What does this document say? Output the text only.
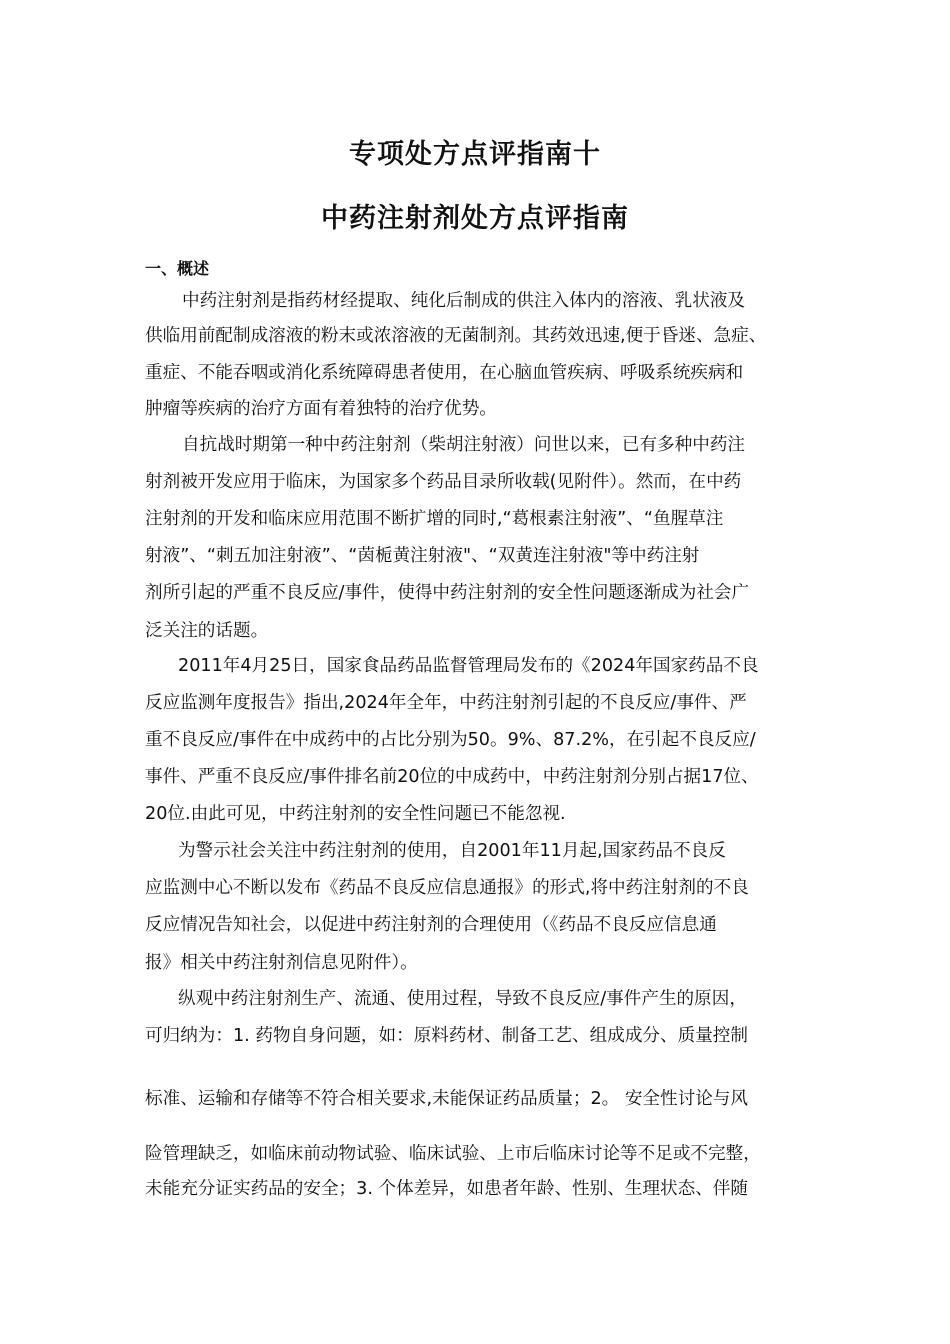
专项处方点评指南十
中药注射剂处方点评指南
一、概述
中药注射剂是指药材经提取、纯化后制成的供注入体内的溶液、乳状液及
供临用前配制成溶液的粉末或浓溶液的无菌制剂。其药效迅速,便于昏迷、急症、
重症、不能吞咽或消化系统障碍患者使用，在心脑血管疾病、呼吸系统疾病和
肿瘤等疾病的治疗方面有着独特的治疗优势。
自抗战时期第一种中药注射剂（柴胡注射液）问世以来，已有多种中药注
射剂被开发应用于临床，为国家多个药品目录所收载(见附件）。然而，在中药
注射剂的开发和临床应用范围不断扩增的同时,“葛根素注射液”、“鱼腥草注
射液”、“刺五加注射液”、“茵栀黄注射液"、“双黄连注射液"等中药注射
剂所引起的严重不良反应/事件，使得中药注射剂的安全性问题逐渐成为社会广
泛关注的话题。
2011年4月25日，国家食品药品监督管理局发布的《2024年国家药品不良
反应监测年度报告》指出,2024年全年，中药注射剂引起的不良反应/事件、严
重不良反应/事件在中成药中的占比分别为50。9%、87.2%，在引起不良反应/
事件、严重不良反应/事件排名前20位的中成药中，中药注射剂分别占据17位、
20位.由此可见，中药注射剂的安全性问题已不能忽视.
为警示社会关注中药注射剂的使用，自2001年11月起,国家药品不良反
应监测中心不断以发布《药品不良反应信息通报》的形式,将中药注射剂的不良
反应情况告知社会，以促进中药注射剂的合理使用（《药品不良反应信息通
报》相关中药注射剂信息见附件）。
纵观中药注射剂生产、流通、使用过程，导致不良反应/事件产生的原因，
可归纳为：1. 药物自身问题，如：原料药材、制备工艺、组成成分、质量控制
标准、运输和存储等不符合相关要求,未能保证药品质量；2。 安全性讨论与风
险管理缺乏，如临床前动物试验、临床试验、上市后临床讨论等不足或不完整，
未能充分证实药品的安全；3. 个体差异，如患者年龄、性别、生理状态、伴随
